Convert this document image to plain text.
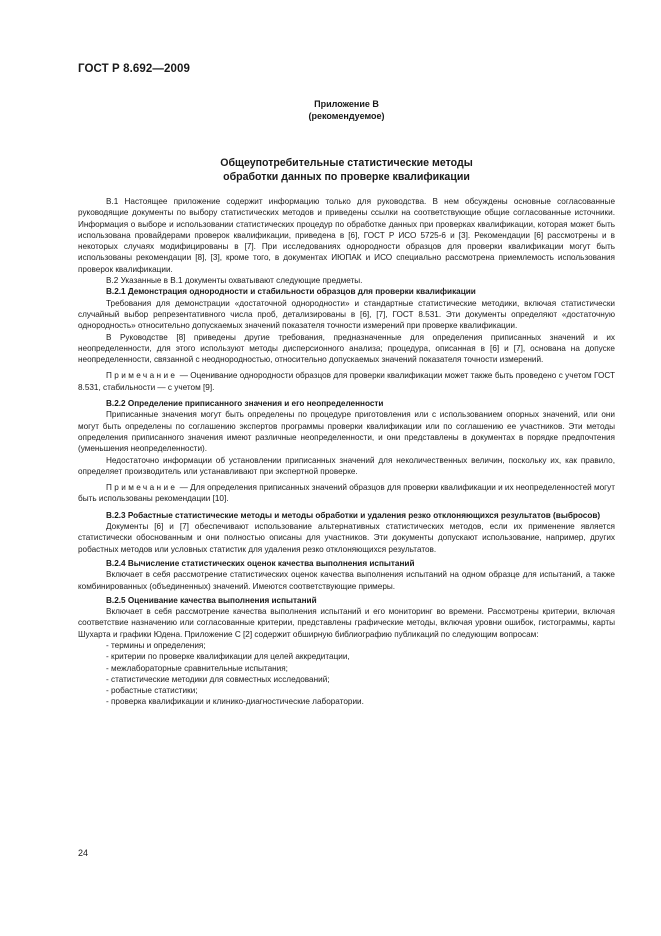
ГОСТ Р 8.692—2009
Приложение В
(рекомендуемое)
Общеупотребительные статистические методы
обработки данных по проверке квалификации

В.1 Настоящее приложение содержит информацию только для руководства. В нем обсуждены основные согласованные руководящие документы по выбору статистических методов и приведены ссылки на соответствующие общие согласованные источники. Информация о выборе и использовании статистических процедур по обработке данных при проверках квалификации, которая может быть использована провайдерами проверок квалификации, приведена в [6], ГОСТ Р ИСО 5725-6 и [3]. Рекомендации [6] рассмотрены и в некоторых случаях модифицированы в [7]. При исследованиях однородности образцов для проверки квалификации могут быть использованы рекомендации [8], [3], кроме того, в документах ИЮПАК и ИСО специально рассмотрена приемлемость использования проверок квалификации.

В.2 Указанные в В.1 документы охватывают следующие предметы.

В.2.1 Демонстрация однородности и стабильности образцов для проверки квалификации

Требования для демонстрации «достаточной однородности» и стандартные статистические методики, включая статистически случайный выбор репрезентативного числа проб, детализированы в [6], [7], ГОСТ 8.531. Эти документы определяют «достаточную однородность» относительно допускаемых значений показателя точности измерений при проверке квалификации.

В Руководстве [8] приведены другие требования, предназначенные для определения приписанных значений и их неопределенности, для этого используют методы дисперсионного анализа; процедура, описанная в [6] и [7], основана на допуске неопределенности, связанной с неоднородностью, относительно допускаемых значений показателя точности измерений.

Примечание — Оценивание однородности образцов для проверки квалификации может также быть проведено с учетом ГОСТ 8.531, стабильности — с учетом [9].

В.2.2 Определение приписанного значения и его неопределенности

Приписанные значения могут быть определены по процедуре приготовления или с использованием опорных значений, или они могут быть определены по соглашению экспертов программы проверки квалификации или по соглашению ее участников. Эти методы определения приписанного значения имеют различные неопределенности, и они представлены в документах в порядке предпочтения (уменьшения неопределенности).

Недостаточно информации об установлении приписанных значений для неколичественных величин, поскольку их, как правило, определяет производитель или устанавливают при экспертной проверке.

Примечание — Для определения приписанных значений образцов для проверки квалификации и их неопределенностей могут быть использованы рекомендации [10].

В.2.3 Робастные статистические методы и методы обработки и удаления резко отклоняющихся результатов (выбросов)

Документы [6] и [7] обеспечивают использование альтернативных статистических методов, если их применение является статистически обоснованным и они полностью описаны для участников. Эти документы допускают использование, например, других робастных методов или условных статистик для удаления резко отклоняющихся результатов.

В.2.4 Вычисление статистических оценок качества выполнения испытаний

Включает в себя рассмотрение статистических оценок качества выполнения испытаний на одном образце для испытаний, а также комбинированных (объединенных) значений. Имеются соответствующие примеры.

В.2.5 Оценивание качества выполнения испытаний

Включает в себя рассмотрение качества выполнения испытаний и его мониторинг во времени. Рассмотрены критерии, включая соответствие назначению или согласованные критерии, представлены графические методы, включая уровни ошибок, гистограммы, карты Шухарта и графики Юдена. Приложение С [2] содержит обширную библиографию публикаций по следующим вопросам:

- термины и определения;
- критерии по проверке квалификации для целей аккредитации,
- межлабораторные сравнительные испытания;
- статистические методики для совместных исследований;
- робастные статистики;
- проверка квалификации и клинико-диагностические лаборатории.
24
